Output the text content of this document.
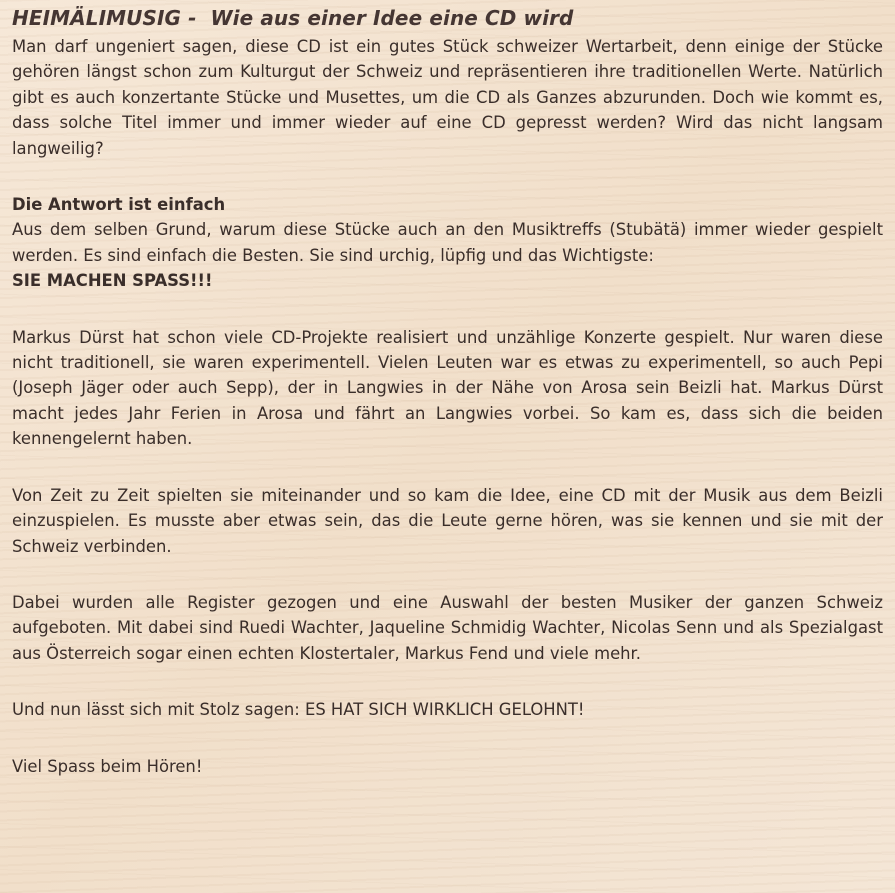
HEIMÄLIMUSIG - Wie aus einer Idee eine CD wird

Man darf ungeniert sagen, diese CD ist ein gutes Stück schweizer Wertarbeit, denn einige der Stücke gehören längst schon zum Kulturgut der Schweiz und repräsentieren ihre traditionellen Werte. Natürlich gibt es auch konzertante Stücke und Musettes, um die CD als Ganzes abzurunden. Doch wie kommt es, dass solche Titel immer und immer wieder auf eine CD gepresst werden? Wird das nicht langsam langweilig?

Die Antwort ist einfach

Aus dem selben Grund, warum diese Stücke auch an den Musiktreffs (Stubätä) immer wieder gespielt werden. Es sind einfach die Besten. Sie sind urchig, lüpfig und das Wichtigste:
SIE MACHEN SPASS!!!

Markus Dürst hat schon viele CD-Projekte realisiert und unzählige Konzerte gespielt. Nur waren diese nicht traditionell, sie waren experimentell. Vielen Leuten war es etwas zu experimentell, so auch Pepi (Joseph Jäger oder auch Sepp), der in Langwies in der Nähe von Arosa sein Beizli hat. Markus Dürst macht jedes Jahr Ferien in Arosa und fährt an Langwies vorbei. So kam es, dass sich die beiden kennengelernt haben.

Von Zeit zu Zeit spielten sie miteinander und so kam die Idee, eine CD mit der Musik aus dem Beizli einzuspielen. Es musste aber etwas sein, das die Leute gerne hören, was sie kennen und sie mit der Schweiz verbinden.

Dabei wurden alle Register gezogen und eine Auswahl der besten Musiker der ganzen Schweiz aufgeboten. Mit dabei sind Ruedi Wachter, Jaqueline Schmidig Wachter, Nicolas Senn und als Spezialgast aus Österreich sogar einen echten Klostertaler, Markus Fend und viele mehr.

Und nun lässt sich mit Stolz sagen: ES HAT SICH WIRKLICH GELOHNT!

Viel Spass beim Hören!
